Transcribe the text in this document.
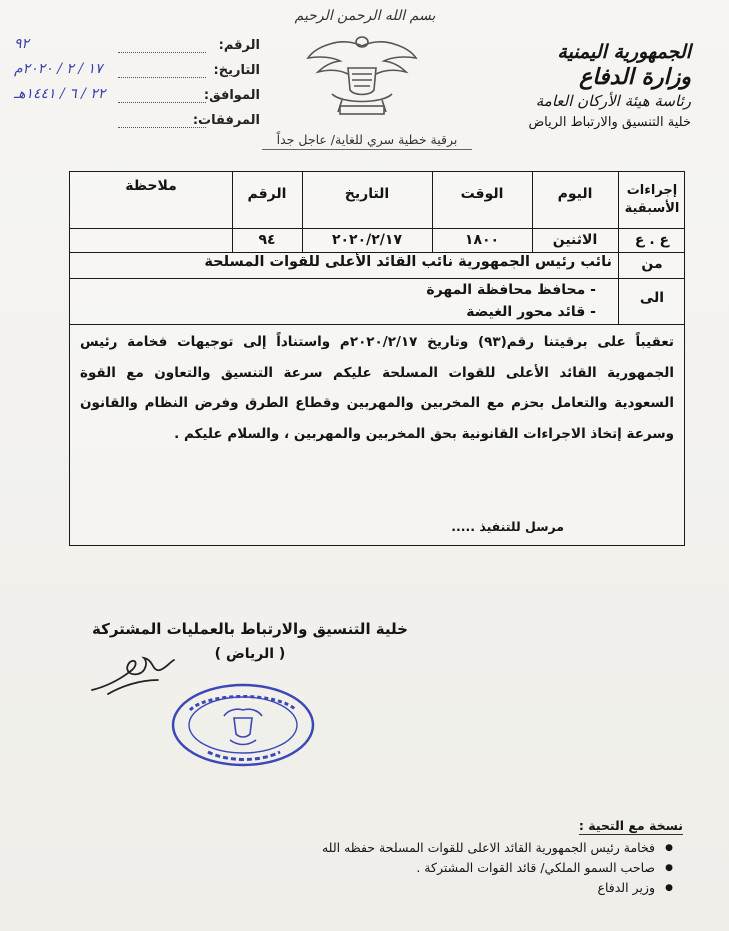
بسم الله الرحمن الرحيم
الجمهورية اليمنية
وزارة الدفاع
رئاسة هيئة الأركان العامة
خلية التنسيق والارتباط الرياض
الرقم:
٩٢
التاريخ:
١٧ / ٢ / ٢٠٢٠م
الموافق:
٢٢ / ٦ / ١٤٤١هـ
المرفقات:
برقية خطية سري للغاية/ عاجل جداً
إجراءات الأسبقية
اليوم
الوقت
التاريخ
الرقم
ملاحظة
ع . ع
الاثنين
١٨٠٠
٢٠٢٠/٢/١٧
٩٤
من
نائب رئيس الجمهورية نائب القائد الأعلى للقوات المسلحة
الى
- محافظ محافظة المهرة
- قائد محور الغيضة
تعقيباً على برقيتنا رقم(٩٣) وتاريخ ٢٠٢٠/٢/١٧م واستناداً إلى توجيهات فخامة رئيس الجمهورية القائد الأعلى للقوات المسلحة عليكم سرعة التنسيق والتعاون مع القوة السعودية والتعامل بحزم مع المخربين والمهربين وقطاع الطرق وفرض النظام والقانون وسرعة إتخاذ الاجراءات القانونية بحق المخربين والمهربين ، والسلام عليكم .
مرسل للتنفيذ .....
خلية التنسيق والارتباط بالعمليات المشتركة
( الرياض )
نسخة مع التحية :
● فخامة رئيس الجمهورية القائد الاعلى للقوات المسلحة حفظه الله
● صاحب السمو الملكي/ قائد القوات المشتركة .
● وزير الدفاع
